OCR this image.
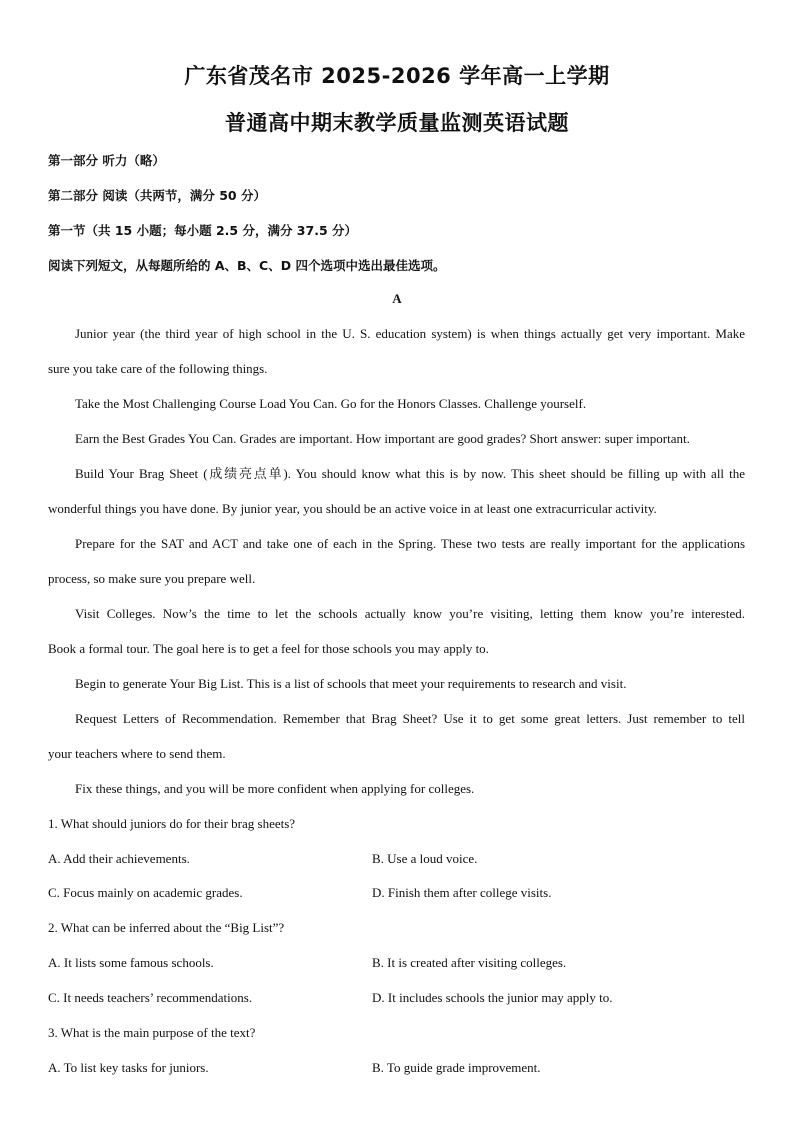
广东省茂名市 2025-2026 学年高一上学期
普通高中期末教学质量监测英语试题
第一部分 听力（略）
第二部分 阅读（共两节，满分 50 分）
第一节（共 15 小题；每小题 2.5 分，满分 37.5 分）
阅读下列短文，从每题所给的 A、B、C、D 四个选项中选出最佳选项。
A
Junior year (the third year of high school in the U. S. education system) is when things actually get very important. Make
sure you take care of the following things.
Take the Most Challenging Course Load You Can. Go for the Honors Classes. Challenge yourself.
Earn the Best Grades You Can. Grades are important. How important are good grades? Short answer: super important.
Build Your Brag Sheet (成绩亮点单). You should know what this is by now. This sheet should be filling up with all the
wonderful things you have done. By junior year, you should be an active voice in at least one extracurricular activity.
Prepare for the SAT and ACT and take one of each in the Spring. These two tests are really important for the applications
process, so make sure you prepare well.
Visit Colleges. Now’s the time to let the schools actually know you’re visiting, letting them know you’re interested.
Book a formal tour. The goal here is to get a feel for those schools you may apply to.
Begin to generate Your Big List. This is a list of schools that meet your requirements to research and visit.
Request Letters of Recommendation. Remember that Brag Sheet? Use it to get some great letters. Just remember to tell
your teachers where to send them.
Fix these things, and you will be more confident when applying for colleges.
1. What should juniors do for their brag sheets?
A. Add their achievements.	B. Use a loud voice.
C. Focus mainly on academic grades.	D. Finish them after college visits.
2. What can be inferred about the “Big List”?
A. It lists some famous schools.	B. It is created after visiting colleges.
C. It needs teachers’ recommendations.	D. It includes schools the junior may apply to.
3. What is the main purpose of the text?
A. To list key tasks for juniors.	B. To guide grade improvement.
